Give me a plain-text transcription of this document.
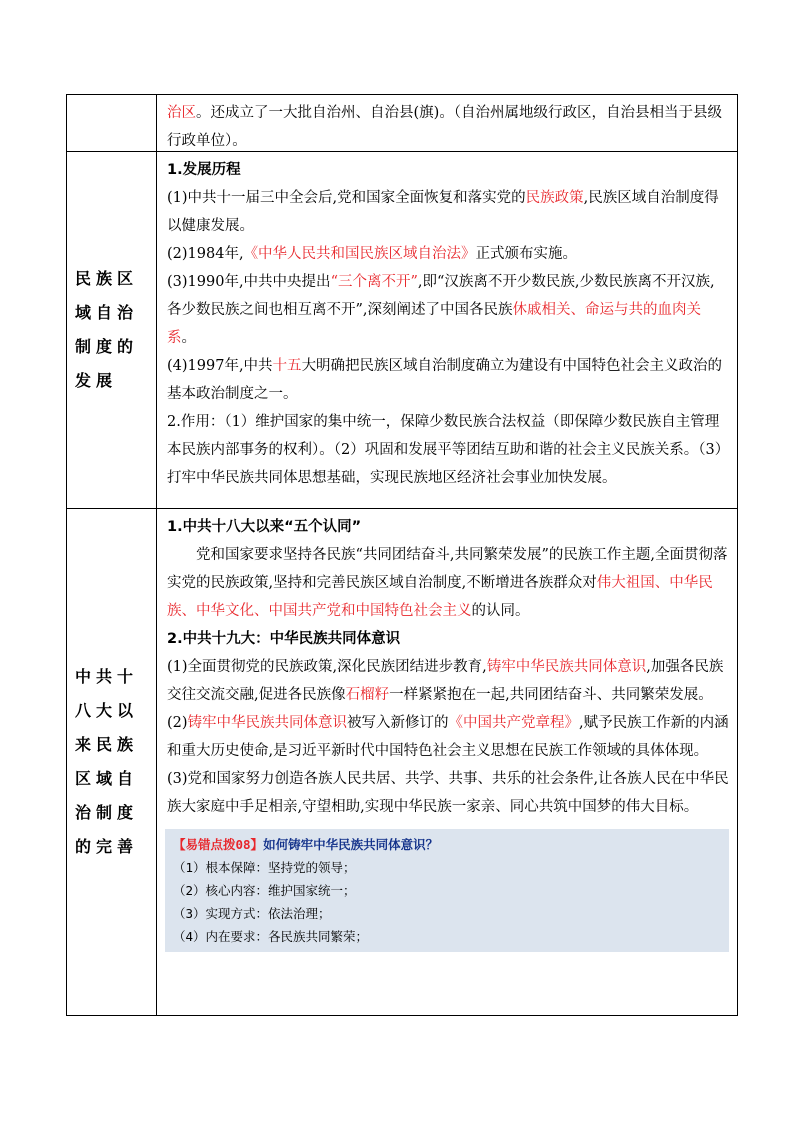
治区。还成立了一大批自治州、自治县(旗)。（自治州属地级行政区，自治县相当于县级行政单位）。

民族区域自治制度的发展

1.发展历程

(1)中共十一届三中全会后,党和国家全面恢复和落实党的民族政策,民族区域自治制度得以健康发展。

(2)1984年,《中华人民共和国民族区域自治法》正式颁布实施。

(3)1990年,中共中央提出“三个离不开”,即“汉族离不开少数民族,少数民族离不开汉族,各少数民族之间也相互离不开”,深刻阐述了中国各民族休戚相关、命运与共的血肉关系。

(4)1997年,中共十五大明确把民族区域自治制度确立为建设有中国特色社会主义政治的基本政治制度之一。

2.作用：（1）维护国家的集中统一，保障少数民族合法权益（即保障少数民族自主管理本民族内部事务的权利）。（2）巩固和发展平等团结互助和谐的社会主义民族关系。（3）打牢中华民族共同体思想基础，实现民族地区经济社会事业加快发展。

中共十八大以来民族区域自治制度的完善

1.中共十八大以来“五个认同”

党和国家要求坚持各民族“共同团结奋斗,共同繁荣发展”的民族工作主题,全面贯彻落实党的民族政策,坚持和完善民族区域自治制度,不断增进各族群众对伟大祖国、中华民族、中华文化、中国共产党和中国特色社会主义的认同。

2.中共十九大：中华民族共同体意识

(1)全面贯彻党的民族政策,深化民族团结进步教育,铸牢中华民族共同体意识,加强各民族交往交流交融,促进各民族像石榴籽一样紧紧抱在一起,共同团结奋斗、共同繁荣发展。

(2)铸牢中华民族共同体意识被写入新修订的《中国共产党章程》,赋予民族工作新的内涵和重大历史使命,是习近平新时代中国特色社会主义思想在民族工作领域的具体体现。

(3)党和国家努力创造各族人民共居、共学、共事、共乐的社会条件,让各族人民在中华民族大家庭中手足相亲,守望相助,实现中华民族一家亲、同心共筑中国梦的伟大目标。

【易错点拨08】如何铸牢中华民族共同体意识？
（1）根本保障：坚持党的领导；
（2）核心内容：维护国家统一；
（3）实现方式：依法治理；
（4）内在要求：各民族共同繁荣；
